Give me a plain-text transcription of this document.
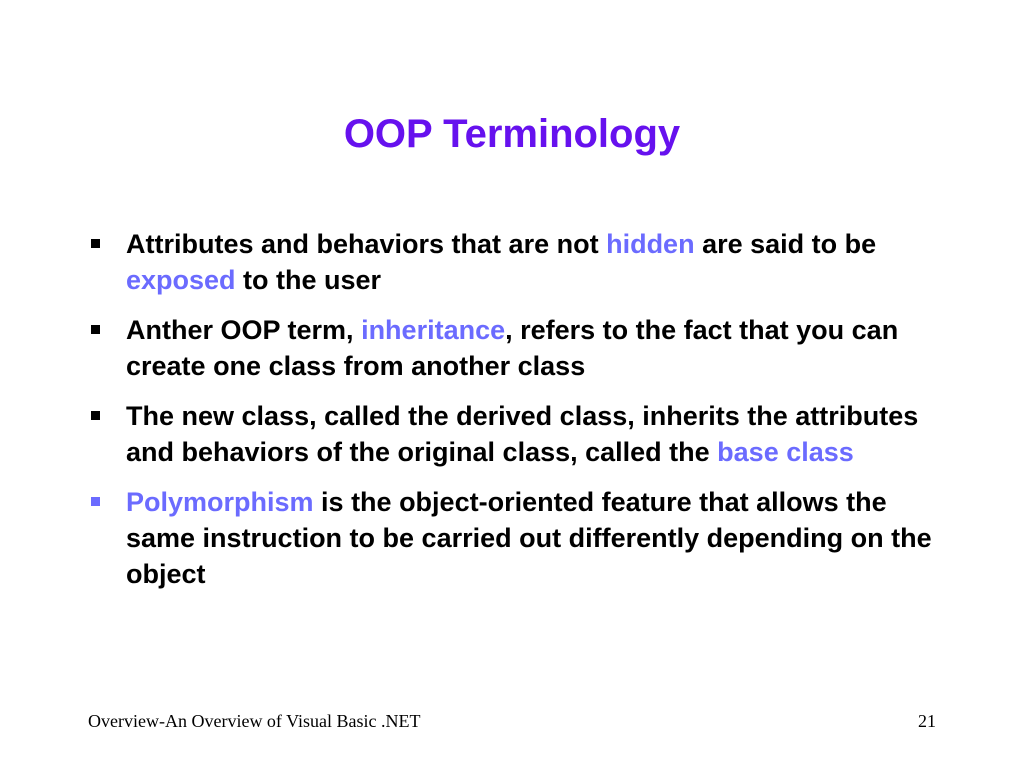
OOP Terminology
Attributes and behaviors that are not hidden are said to be exposed to the user
Anther OOP term, inheritance, refers to the fact that you can create one class from another class
The new class, called the derived class, inherits the attributes and behaviors of the original class, called the base class
Polymorphism is the object-oriented feature that allows the same instruction to be carried out differently depending on the object
Overview-An Overview of Visual Basic .NET	21
